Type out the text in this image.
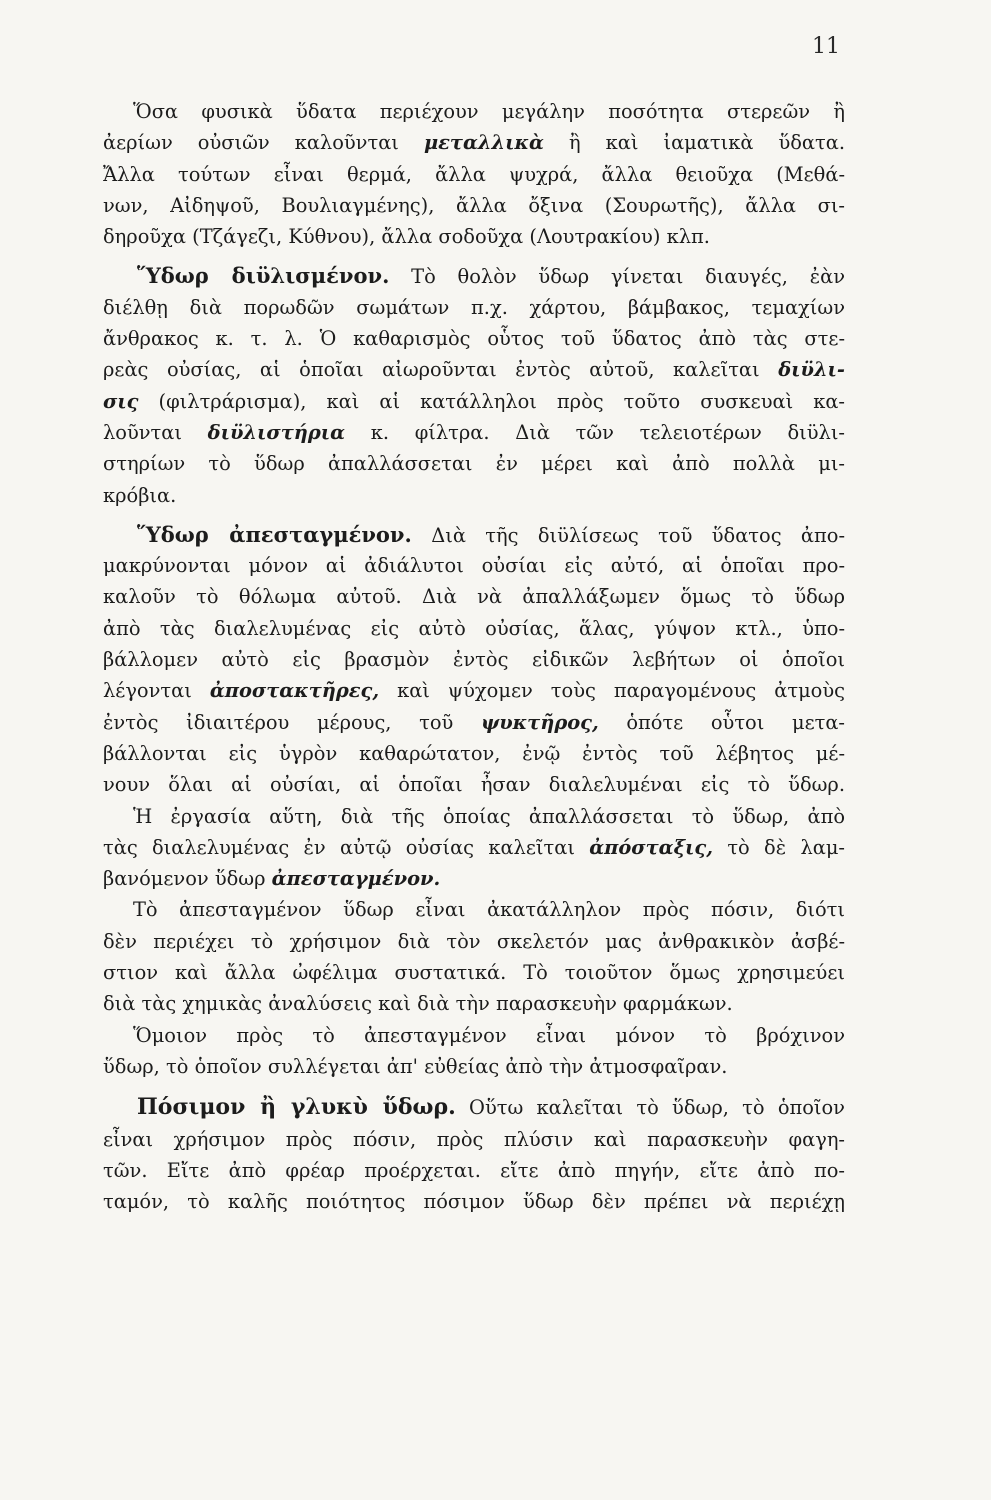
11
Ὅσα φυσικὰ ὕδατα περιέχουν μεγάλην ποσότητα στερεῶν ἢ
ἀερίων οὐσιῶν καλοῦνται μεταλλικὰ ἢ καὶ ἰαματικὰ ὕδατα.
Ἄλλα τούτων εἶναι θερμά, ἄλλα ψυχρά, ἄλλα θειοῦχα (Μεθά-
νων, Αἰδηψοῦ, Βουλιαγμένης), ἄλλα ὄξινα (Σουρωτῆς), ἄλλα σι-
δηροῦχα (Τζάγεζι, Κύθνου), ἄλλα σοδοῦχα (Λουτρακίου) κλπ.
Ὕδωρ διϋλισμένον. Τὸ θολὸν ὕδωρ γίνεται διαυγές, ἐὰν
διέλθῃ διὰ πορωδῶν σωμάτων π.χ. χάρτου, βάμβακος, τεμαχίων
ἄνθρακος κ. τ. λ. Ὁ καθαρισμὸς οὗτος τοῦ ὕδατος ἀπὸ τὰς στε-
ρεὰς οὐσίας, αἱ ὁποῖαι αἰωροῦνται ἐντὸς αὐτοῦ, καλεῖται διϋλι-
σις (φιλτράρισμα), καὶ αἱ κατάλληλοι πρὸς τοῦτο συσκευαὶ κα-
λοῦνται διϋλιστήρια κ. φίλτρα. Διὰ τῶν τελειοτέρων διϋλι-
στηρίων τὸ ὕδωρ ἀπαλλάσσεται ἐν μέρει καὶ ἀπὸ πολλὰ μι-
κρόβια.
Ὕδωρ ἀπεσταγμένον. Διὰ τῆς διϋλίσεως τοῦ ὕδατος ἀπο-
μακρύνονται μόνον αἱ ἀδιάλυτοι οὐσίαι εἰς αὐτό, αἱ ὁποῖαι προ-
καλοῦν τὸ θόλωμα αὐτοῦ. Διὰ νὰ ἀπαλλάξωμεν ὅμως τὸ ὕδωρ
ἀπὸ τὰς διαλελυμένας εἰς αὐτὸ οὐσίας, ἅλας, γύψον κτλ., ὑπο-
βάλλομεν αὐτὸ εἰς βρασμὸν ἐντὸς εἰδικῶν λεβήτων οἱ ὁποῖοι
λέγονται ἀποστακτῆρες, καὶ ψύχομεν τοὺς παραγομένους ἀτμοὺς
ἐντὸς ἰδιαιτέρου μέρους, τοῦ ψυκτῆρος, ὁπότε οὗτοι μετα-
βάλλονται εἰς ὑγρὸν καθαρώτατον, ἐνῷ ἐντὸς τοῦ λέβητος μέ-
νουν ὅλαι αἱ οὐσίαι, αἱ ὁποῖαι ἦσαν διαλελυμέναι εἰς τὸ ὕδωρ.
Ἡ ἐργασία αὕτη, διὰ τῆς ὁποίας ἀπαλλάσσεται τὸ ὕδωρ, ἀπὸ
τὰς διαλελυμένας ἐν αὐτῷ οὐσίας καλεῖται ἀπόσταξις, τὸ δὲ λαμ-
βανόμενον ὕδωρ ἀπεσταγμένον.
Τὸ ἀπεσταγμένον ὕδωρ εἶναι ἀκατάλληλον πρὸς πόσιν, διότι
δὲν περιέχει τὸ χρήσιμον διὰ τὸν σκελετόν μας ἀνθρακικὸν ἀσβέ-
στιον καὶ ἄλλα ὠφέλιμα συστατικά. Τὸ τοιοῦτον ὅμως χρησιμεύει
διὰ τὰς χημικὰς ἀναλύσεις καὶ διὰ τὴν παρασκευὴν φαρμάκων.
Ὅμοιον πρὸς τὸ ἀπεσταγμένον εἶναι μόνον τὸ βρόχινον
ὕδωρ, τὸ ὁποῖον συλλέγεται ἀπ' εὐθείας ἀπὸ τὴν ἀτμοσφαῖραν.
Πόσιμον ἢ γλυκὺ ὕδωρ. Οὕτω καλεῖται τὸ ὕδωρ, τὸ ὁποῖον
εἶναι χρήσιμον πρὸς πόσιν, πρὸς πλύσιν καὶ παρασκευὴν φαγη-
τῶν. Εἴτε ἀπὸ φρέαρ προέρχεται. εἴτε ἀπὸ πηγήν, εἴτε ἀπὸ πο-
ταμόν, τὸ καλῆς ποιότητος πόσιμον ὕδωρ δὲν πρέπει νὰ περιέχῃ
